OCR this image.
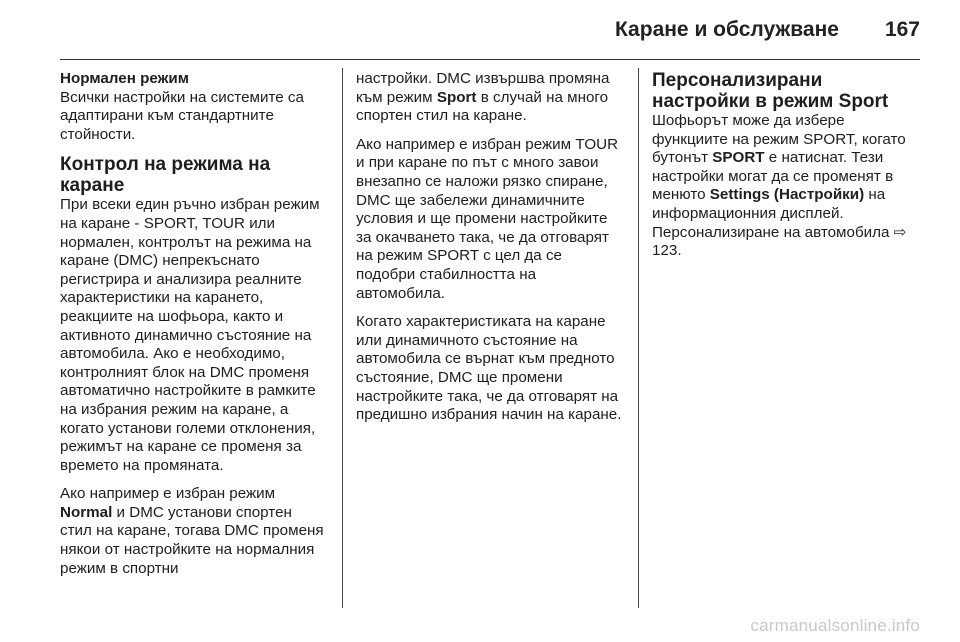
Каране и обслужване 167

Нормален режим
Всички настройки на системите са адаптирани към стандартните стойности.

Контрол на режима на каране
При всеки един ръчно избран режим на каране - SPORT, TOUR или нормален, контролът на режима на каране (DMC) непрекъснато регистрира и анализира реалните характеристики на карането, реакциите на шофьора, както и активното динамично състояние на автомобила. Ако е необходимо, контролният блок на DMC променя автоматично настройките в рамките на избрания режим на каране, а когато установи големи отклонения, режимът на каране се променя за времето на промяната.

Ако например е избран режим Normal и DMC установи спортен стил на каране, тогава DMC променя някои от настройките на нормалния режим в спортни

настройки. DMC извършва промяна към режим Sport в случай на много спортен стил на каране.

Ако например е избран режим TOUR и при каране по път с много завои внезапно се наложи рязко спиране, DMC ще забележи динамичните условия и ще промени настройките за окачването така, че да отговарят на режим SPORT с цел да се подобри стабилността на автомобила.

Когато характеристиката на каране или динамичното състояние на автомобила се върнат към предното състояние, DMC ще промени настройките така, че да отговарят на предишно избрания начин на каране.

Персонализирани настройки в режим Sport
Шофьорът може да избере функциите на режим SPORT, когато бутонът SPORT е натиснат. Тези настройки могат да се променят в менюто Settings (Настройки) на информационния дисплей. Персонализиране на автомобила ⇨ 123.

carmanualsonline.info
